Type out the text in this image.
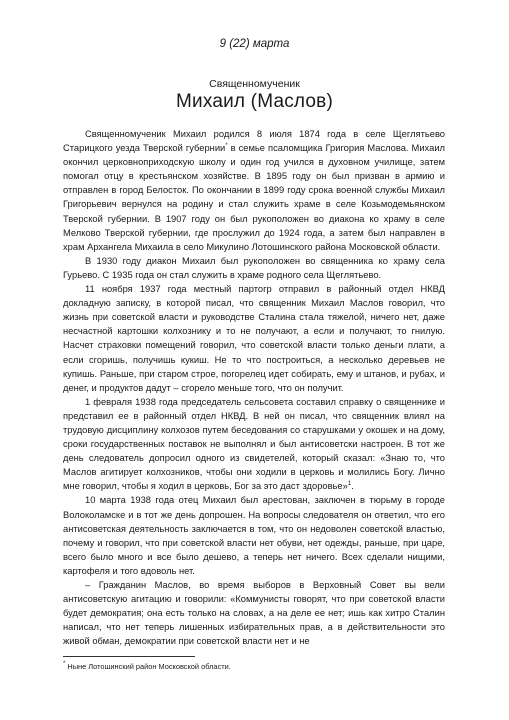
9 (22) марта
Священномученик
Михаил (Маслов)

Священномученик Михаил родился 8 июля 1874 года в селе Щеглятьево Старицкого уезда Тверской губернии* в семье псаломщика Григория Маслова. Михаил окончил церковноприходскую школу и один год учился в духовном училище, затем помогал отцу в крестьянском хозяйстве. В 1895 году он был призван в армию и отправлен в город Белосток. По окончании в 1899 году срока военной службы Михаил Григорьевич вернулся на родину и стал служить храме в селе Козьмодемьянском Тверской губернии. В 1907 году он был рукоположен во диакона ко храму в селе Мелково Тверской губернии, где прослужил до 1924 года, а затем был направлен в храм Архангела Михаила в село Микулино Лотошинского района Московской области.

В 1930 году диакон Михаил был рукоположен во священника ко храму села Гурьево. С 1935 года он стал служить в храме родного села Щеглятьево.

11 ноября 1937 года местный партогр отправил в районный отдел НКВД докладную записку, в которой писал, что священник Михаил Маслов говорил, что жизнь при советской власти и руководстве Сталина стала тяжелой, ничего нет, даже несчастной картошки колхознику и то не получают, а если и получают, то гнилую. Насчет страховки помещений говорил, что советской власти только деньги плати, а если сгоришь, получишь кукиш. Не то что построиться, а несколько деревьев не купишь. Раньше, при старом строе, погорелец идет собирать, ему и штанов, и рубах, и денег, и продуктов дадут – сгорело меньше того, что он получит.

1 февраля 1938 года председатель сельсовета составил справку о священнике и представил ее в районный отдел НКВД. В ней он писал, что священник влиял на трудовую дисциплину колхозов путем беседования со старушками у окошек и на дому, сроки государственных поставок не выполнял и был антисоветски настроен. В тот же день следователь допросил одного из свидетелей, который сказал: «Знаю то, что Маслов агитирует колхозников, чтобы они ходили в церковь и молились Богу. Лично мне говорил, чтобы я ходил в церковь, Бог за это даст здоровье»$^1$.

10 марта 1938 года отец Михаил был арестован, заключен в тюрьму в городе Волоколамске и в тот же день допрошен. На вопросы следователя он ответил, что его антисоветская деятельность заключается в том, что он недоволен советской властью, почему и говорил, что при советской власти нет обуви, нет одежды, раньше, при царе, всего было много и все было дешево, а теперь нет ничего. Всех сделали нищими, картофеля и того вдоволь нет.

– Гражданин Маслов, во время выборов в Верховный Совет вы вели антисоветскую агитацию и говорили: «Коммунисты говорят, что при советской власти будет демократия; она есть только на словах, а на деле ее нет; ишь как хитро Сталин написал, что нет теперь лишенных избирательных прав, а в действительности это живой обман, демократии при советской власти нет и не

* Ныне Лотошинский район Московской области.
